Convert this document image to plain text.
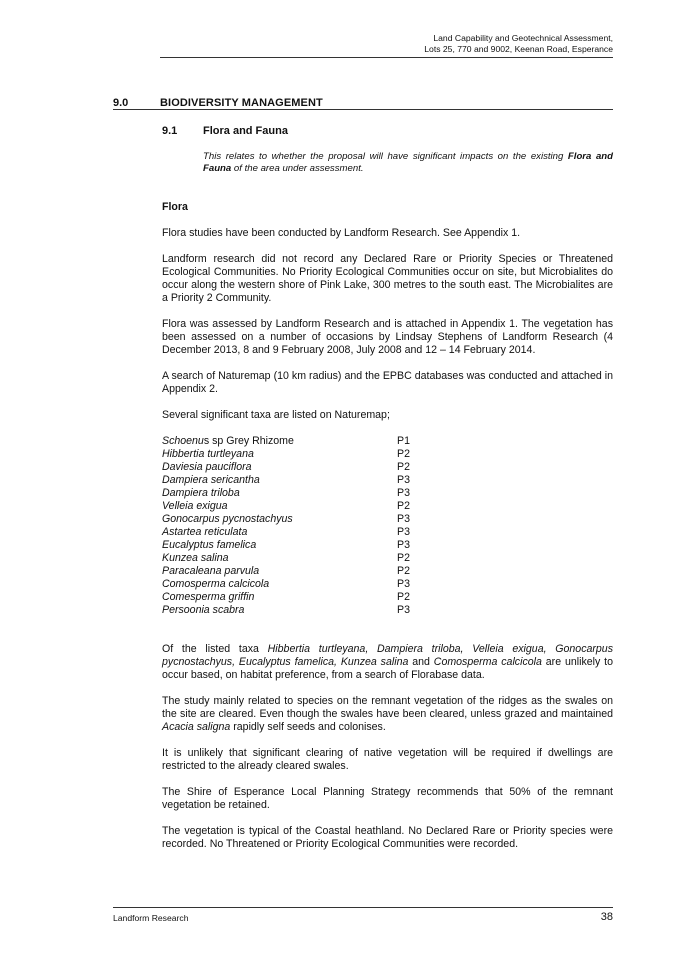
Land Capability and Geotechnical Assessment,
Lots 25, 770 and 9002, Keenan Road, Esperance
9.0	BIODIVERSITY MANAGEMENT
9.1 Flora and Fauna
This relates to whether the proposal will have significant impacts on the existing Flora and Fauna of the area under assessment.

Flora

Flora studies have been conducted by Landform Research. See Appendix 1.

Landform research did not record any Declared Rare or Priority Species or Threatened Ecological Communities. No Priority Ecological Communities occur on site, but Microbialites do occur along the western shore of Pink Lake, 300 metres to the south east. The Microbialites are a Priority 2 Community.

Flora was assessed by Landform Research and is attached in Appendix 1. The vegetation has been assessed on a number of occasions by Lindsay Stephens of Landform Research (4 December 2013, 8 and 9 February 2008, July 2008 and 12 – 14 February 2014.

A search of Naturemap (10 km radius) and the EPBC databases was conducted and attached in Appendix 2.

Several significant taxa are listed on Naturemap;

Schoenus sp Grey Rhizome	P1
Hibbertia turtleyana	P2
Daviesia pauciflora	P2
Dampiera sericantha	P3
Dampiera triloba	P3
Velleia exigua	P2
Gonocarpus pycnostachyus	P3
Astartea reticulata	P3
Eucalyptus famelica	P3
Kunzea salina	P2
Paracaleana parvula	P2
Comosperma calcicola	P3
Comesperma griffin	P2
Persoonia scabra	P3

Of the listed taxa Hibbertia turtleyana, Dampiera triloba, Velleia exigua, Gonocarpus pycnostachyus, Eucalyptus famelica, Kunzea salina and Comosperma calcicola are unlikely to occur based, on habitat preference, from a search of Florabase data.

The study mainly related to species on the remnant vegetation of the ridges as the swales on the site are cleared. Even though the swales have been cleared, unless grazed and maintained Acacia saligna rapidly self seeds and colonises.

It is unlikely that significant clearing of native vegetation will be required if dwellings are restricted to the already cleared swales.

The Shire of Esperance Local Planning Strategy recommends that 50% of the remnant vegetation be retained.

The vegetation is typical of the Coastal heathland. No Declared Rare or Priority species were recorded. No Threatened or Priority Ecological Communities were recorded.

Landform Research	38
